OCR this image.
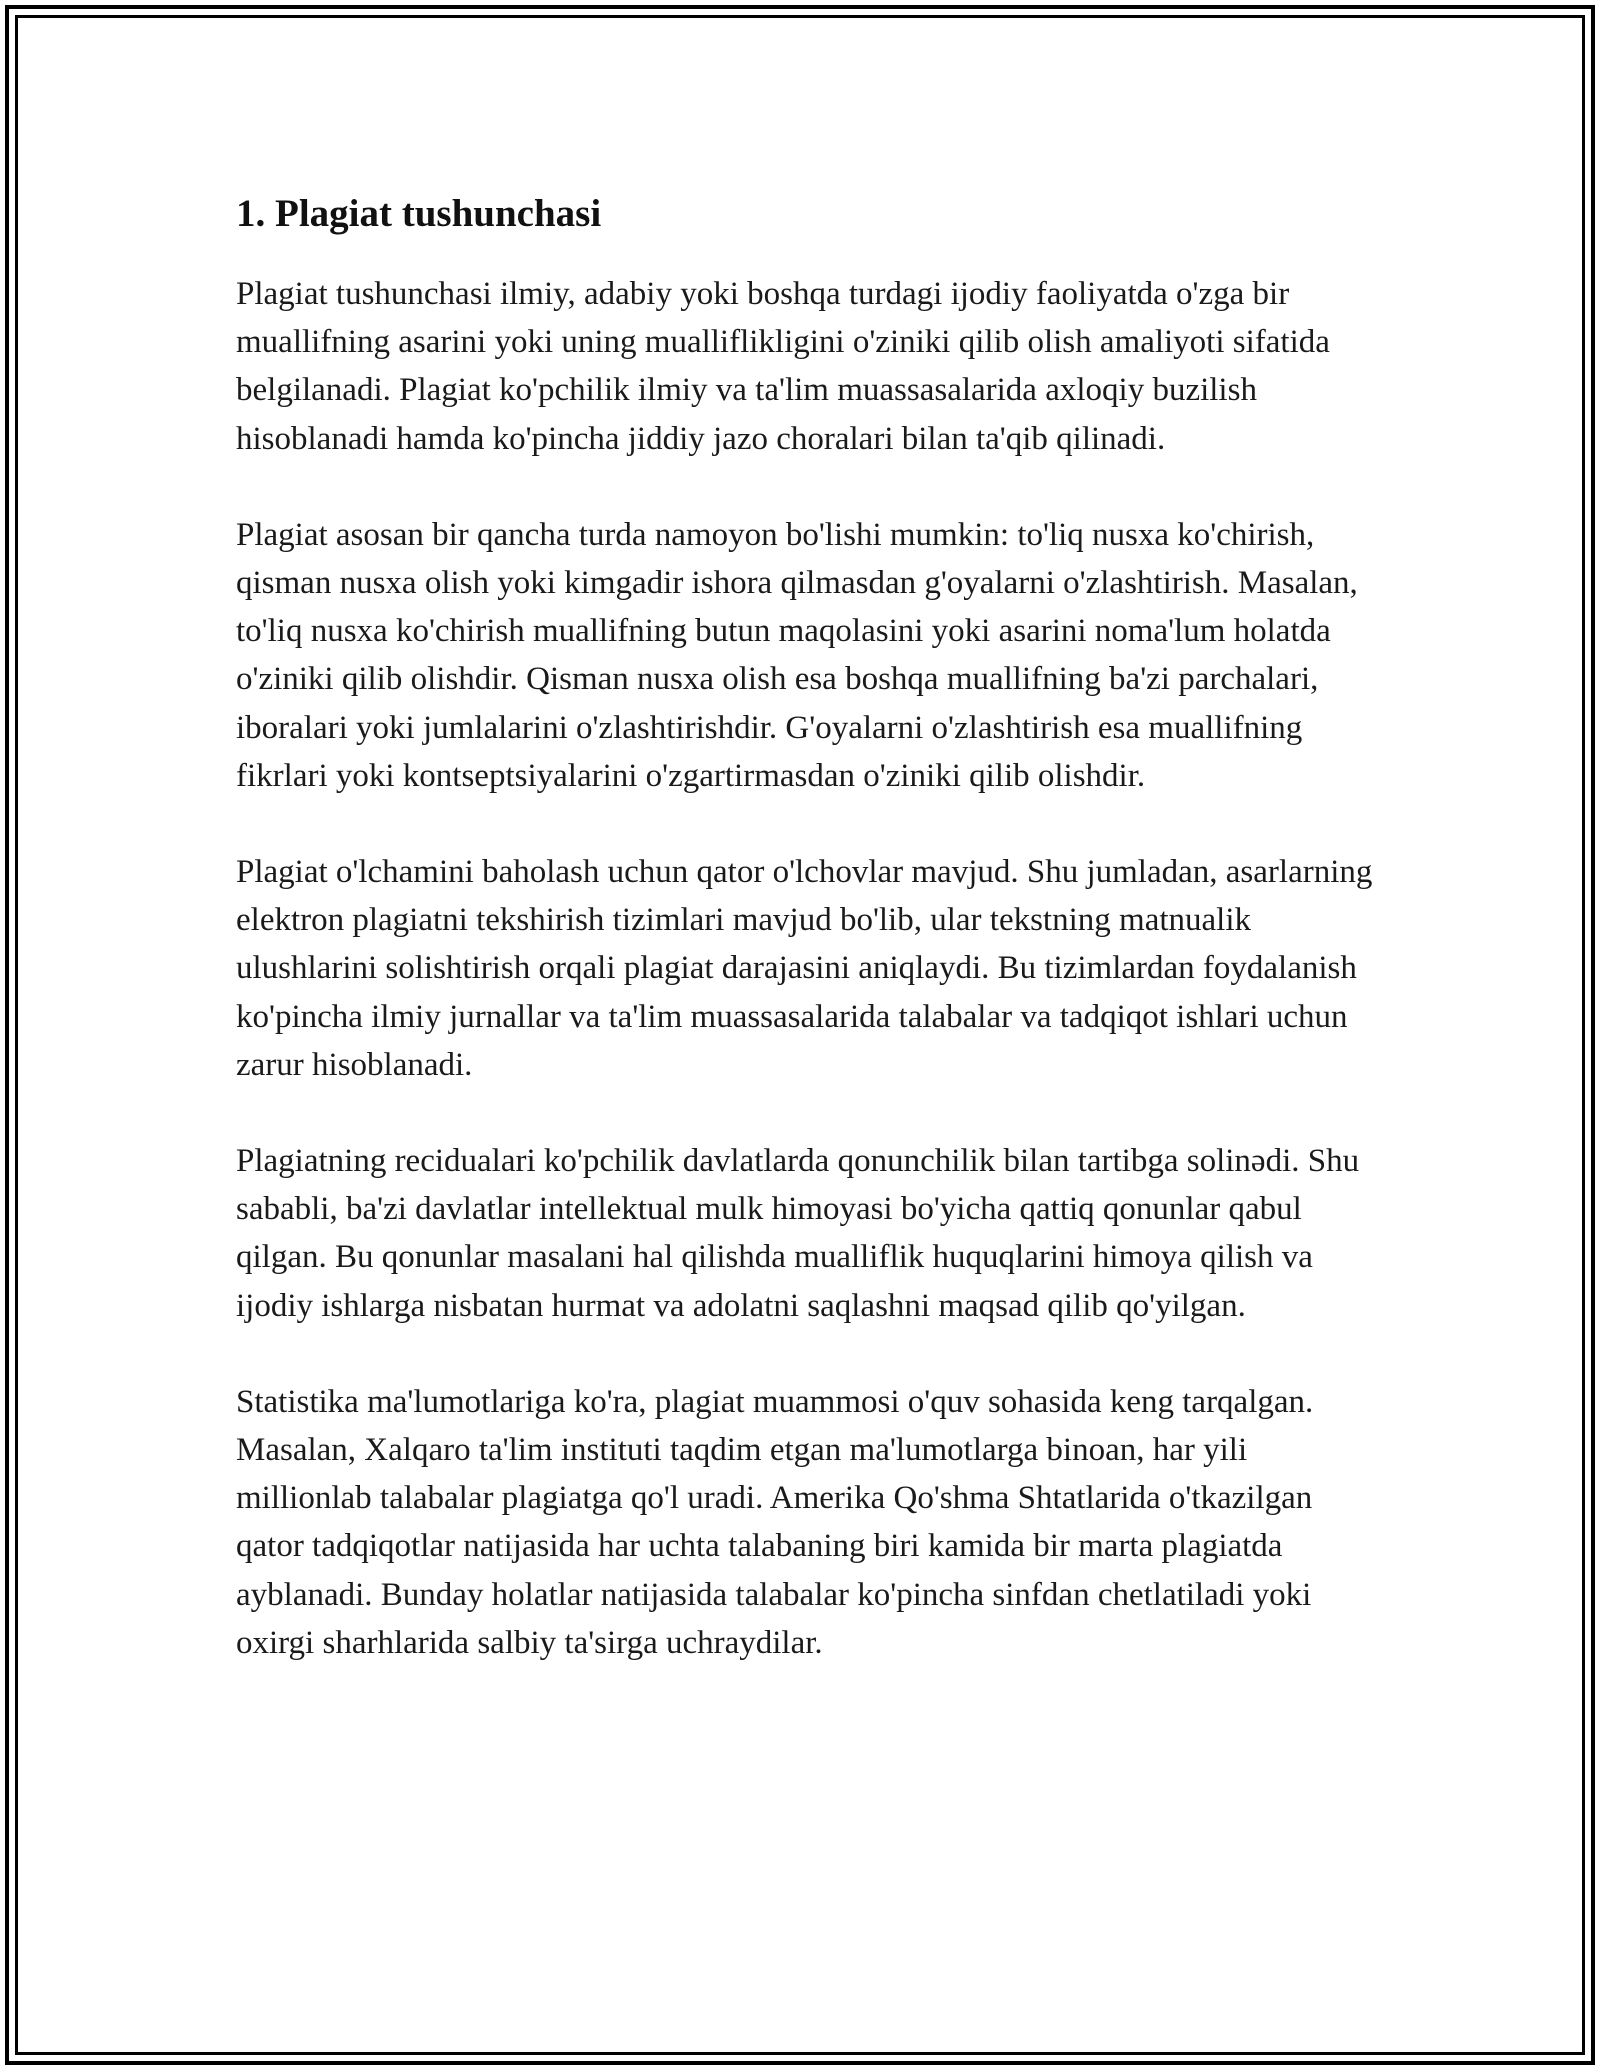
1. Plagiat tushunchasi

Plagiat tushunchasi ilmiy, adabiy yoki boshqa turdagi ijodiy faoliyatda o'zga bir muallifning asarini yoki uning mualliflikligini o'ziniki qilib olish amaliyoti sifatida belgilanadi. Plagiat ko'pchilik ilmiy va ta'lim muassasalarida axloqiy buzilish hisoblanadi hamda ko'pincha jiddiy jazo choralari bilan ta'qib qilinadi.

Plagiat asosan bir qancha turda namoyon bo'lishi mumkin: to'liq nusxa ko'chirish, qisman nusxa olish yoki kimgadir ishora qilmasdan g'oyalarni o'zlashtirish. Masalan, to'liq nusxa ko'chirish muallifning butun maqolasini yoki asarini noma'lum holatda o'ziniki qilib olishdir. Qisman nusxa olish esa boshqa muallifning ba'zi parchalari, iboralari yoki jumlalarini o'zlashtirishdir. G'oyalarni o'zlashtirish esa muallifning fikrlari yoki kontseptsiyalarini o'zgartirmasdan o'ziniki qilib olishdir.

Plagiat o'lchamini baholash uchun qator o'lchovlar mavjud. Shu jumladan, asarlarning elektron plagiatni tekshirish tizimlari mavjud bo'lib, ular tekstning matnualik ulushlarini solishtirish orqali plagiat darajasini aniqlaydi. Bu tizimlardan foydalanish ko'pincha ilmiy jurnallar va ta'lim muassasalarida talabalar va tadqiqot ishlari uchun zarur hisoblanadi.

Plagiatning recidualari ko'pchilik davlatlarda qonunchilik bilan tartibga solinədi. Shu sababli, ba'zi davlatlar intellektual mulk himoyasi bo'yicha qattiq qonunlar qabul qilgan. Bu qonunlar masalani hal qilishda mualliflik huquqlarini himoya qilish va ijodiy ishlarga nisbatan hurmat va adolatni saqlashni maqsad qilib qo'yilgan.

Statistika ma'lumotlariga ko'ra, plagiat muammosi o'quv sohasida keng tarqalgan. Masalan, Xalqaro ta'lim instituti taqdim etgan ma'lumotlarga binoan, har yili millionlab talabalar plagiatga qo'l uradi. Amerika Qo'shma Shtatlarida o'tkazilgan qator tadqiqotlar natijasida har uchta talabaning biri kamida bir marta plagiatda ayblanadi. Bunday holatlar natijasida talabalar ko'pincha sinfdan chetlatiladi yoki oxirgi sharhlarida salbiy ta'sirga uchraydilar.
